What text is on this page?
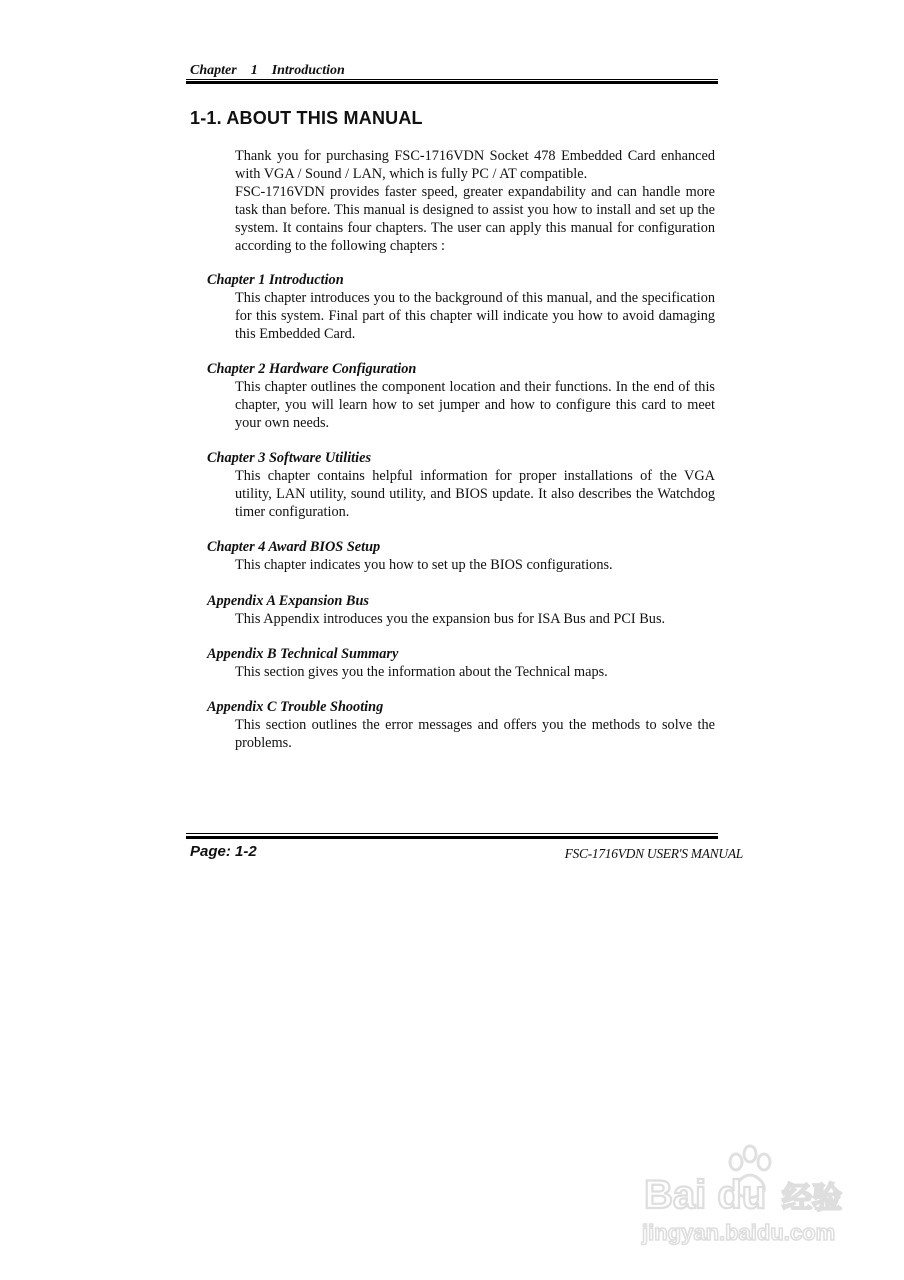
Chapter 1 Introduction
1-1. ABOUT THIS MANUAL

Thank you for purchasing FSC-1716VDN Socket 478 Embedded Card enhanced with VGA / Sound / LAN, which is fully PC / AT compatible.

FSC-1716VDN provides faster speed, greater expandability and can handle more task than before. This manual is designed to assist you how to install and set up the system. It contains four chapters. The user can apply this manual for configuration according to the following chapters :

Chapter 1 Introduction
This chapter introduces you to the background of this manual, and the specification for this system. Final part of this chapter will indicate you how to avoid damaging this Embedded Card.
Chapter 2 Hardware Configuration
This chapter outlines the component location and their functions. In the end of this chapter, you will learn how to set jumper and how to configure this card to meet your own needs.
Chapter 3 Software Utilities
This chapter contains helpful information for proper installations of the VGA utility, LAN utility, sound utility, and BIOS update. It also describes the Watchdog timer configuration.
Chapter 4 Award BIOS Setup
This chapter indicates you how to set up the BIOS configurations.
Appendix A Expansion Bus
This Appendix introduces you the expansion bus for ISA Bus and PCI Bus.
Appendix B Technical Summary
This section gives you the information about the Technical maps.
Appendix C Trouble Shooting
This section outlines the error messages and offers you the methods to solve the problems.
Page: 1-2	FSC-1716VDN USER'S MANUAL
Bai du 经验
jingyan.baidu.com
